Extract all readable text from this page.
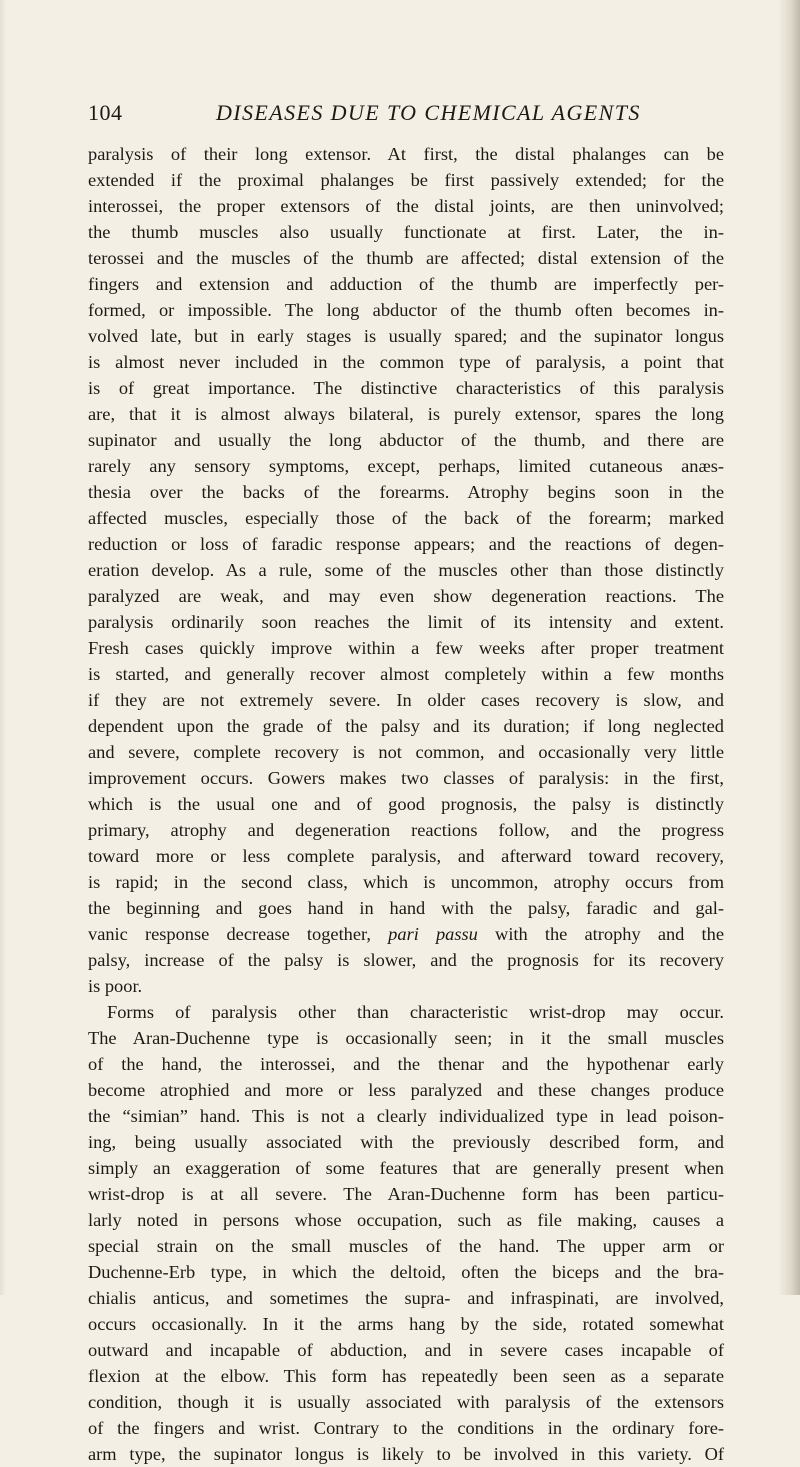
104	DISEASES DUE TO CHEMICAL AGENTS
paralysis of their long extensor. At first, the distal phalanges can be
extended if the proximal phalanges be first passively extended; for the
interossei, the proper extensors of the distal joints, are then uninvolved;
the thumb muscles also usually functionate at first. Later, the in-
terossei and the muscles of the thumb are affected; distal extension of the
fingers and extension and adduction of the thumb are imperfectly per-
formed, or impossible. The long abductor of the thumb often becomes in-
volved late, but in early stages is usually spared; and the supinator longus
is almost never included in the common type of paralysis, a point that
is of great importance. The distinctive characteristics of this paralysis
are, that it is almost always bilateral, is purely extensor, spares the long
supinator and usually the long abductor of the thumb, and there are
rarely any sensory symptoms, except, perhaps, limited cutaneous anæs-
thesia over the backs of the forearms. Atrophy begins soon in the
affected muscles, especially those of the back of the forearm; marked
reduction or loss of faradic response appears; and the reactions of degen-
eration develop. As a rule, some of the muscles other than those distinctly
paralyzed are weak, and may even show degeneration reactions. The
paralysis ordinarily soon reaches the limit of its intensity and extent.
Fresh cases quickly improve within a few weeks after proper treatment
is started, and generally recover almost completely within a few months
if they are not extremely severe. In older cases recovery is slow, and
dependent upon the grade of the palsy and its duration; if long neglected
and severe, complete recovery is not common, and occasionally very little
improvement occurs. Gowers makes two classes of paralysis: in the first,
which is the usual one and of good prognosis, the palsy is distinctly
primary, atrophy and degeneration reactions follow, and the progress
toward more or less complete paralysis, and afterward toward recovery,
is rapid; in the second class, which is uncommon, atrophy occurs from
the beginning and goes hand in hand with the palsy, faradic and gal-
vanic response decrease together, pari passu with the atrophy and the
palsy, increase of the palsy is slower, and the prognosis for its recovery
is poor.
Forms of paralysis other than characteristic wrist-drop may occur.
The Aran-Duchenne type is occasionally seen; in it the small muscles
of the hand, the interossei, and the thenar and the hypothenar early
become atrophied and more or less paralyzed and these changes produce
the “simian” hand. This is not a clearly individualized type in lead poison-
ing, being usually associated with the previously described form, and
simply an exaggeration of some features that are generally present when
wrist-drop is at all severe. The Aran-Duchenne form has been particu-
larly noted in persons whose occupation, such as file making, causes a
special strain on the small muscles of the hand. The upper arm or
Duchenne-Erb type, in which the deltoid, often the biceps and the bra-
chialis anticus, and sometimes the supra- and infraspinati, are involved,
occurs occasionally. In it the arms hang by the side, rotated somewhat
outward and incapable of abduction, and in severe cases incapable of
flexion at the elbow. This form has repeatedly been seen as a separate
condition, though it is usually associated with paralysis of the extensors
of the fingers and wrist. Contrary to the conditions in the ordinary fore-
arm type, the supinator longus is likely to be involved in this variety. Of
